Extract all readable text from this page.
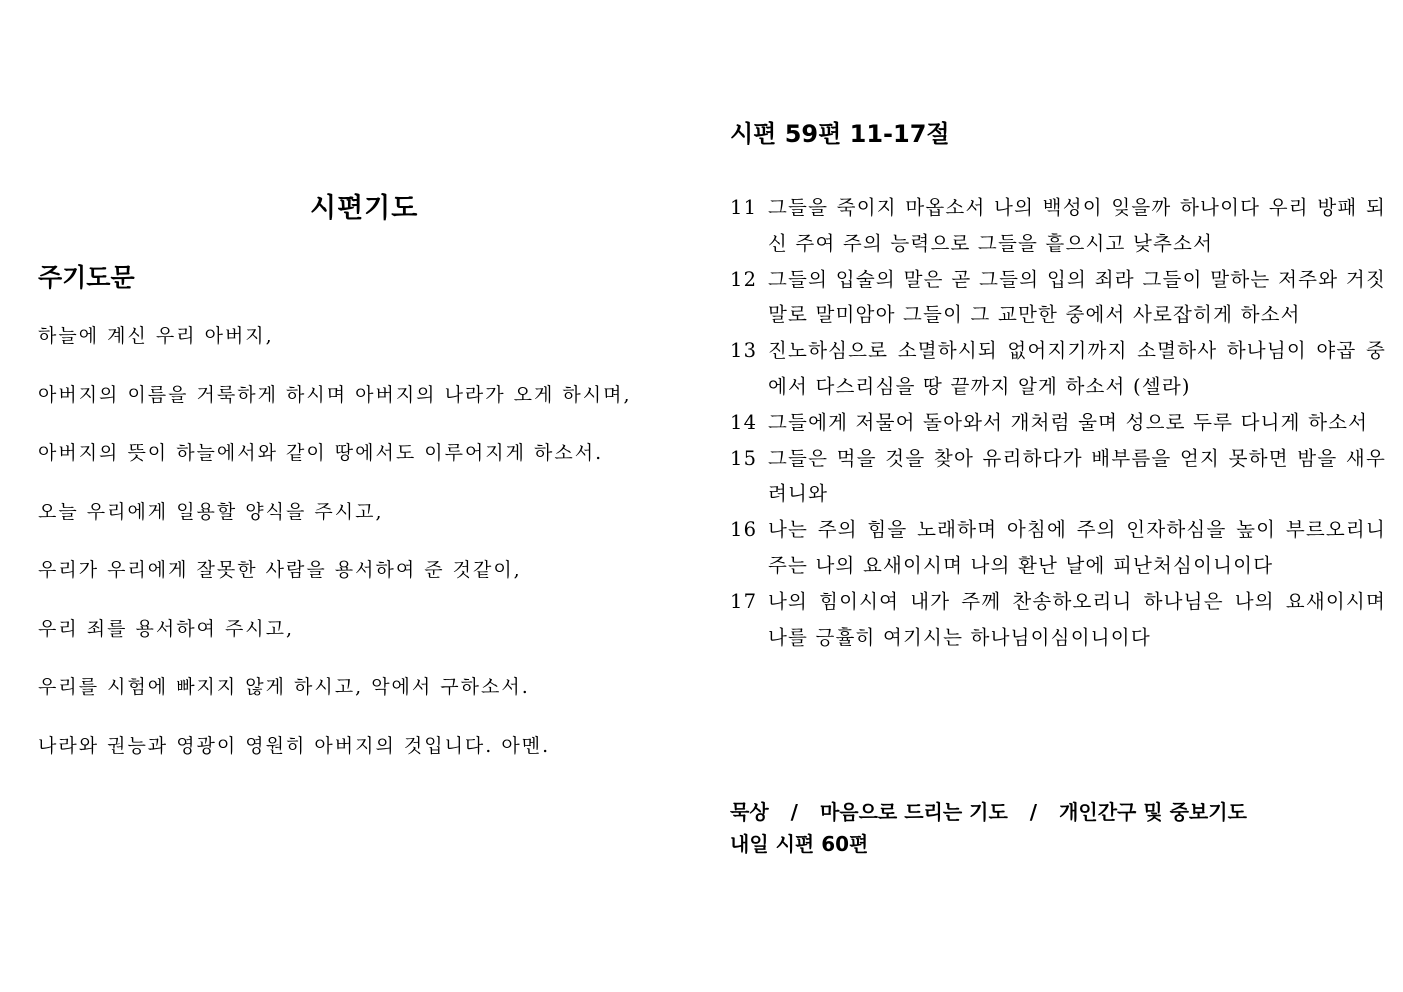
시편기도
주기도문
하늘에 계신 우리 아버지,
아버지의 이름을 거룩하게 하시며 아버지의 나라가 오게 하시며,
아버지의 뜻이 하늘에서와 같이 땅에서도 이루어지게 하소서.
오늘 우리에게 일용할 양식을 주시고,
우리가 우리에게 잘못한 사람을 용서하여 준 것같이,
우리 죄를 용서하여 주시고,
우리를 시험에 빠지지 않게 하시고, 악에서 구하소서.
나라와 권능과 영광이 영원히 아버지의 것입니다. 아멘.
시편 59편 11-17절
11 그들을 죽이지 마옵소서 나의 백성이 잊을까 하나이다 우리 방패 되신 주여 주의 능력으로 그들을 흩으시고 낮추소서
12 그들의 입술의 말은 곧 그들의 입의 죄라 그들이 말하는 저주와 거짓말로 말미암아 그들이 그 교만한 중에서 사로잡히게 하소서
13 진노하심으로 소멸하시되 없어지기까지 소멸하사 하나님이 야곱 중에서 다스리심을 땅 끝까지 알게 하소서 (셀라)
14 그들에게 저물어 돌아와서 개처럼 울며 성으로 두루 다니게 하소서
15 그들은 먹을 것을 찾아 유리하다가 배부름을 얻지 못하면 밤을 새우려니와
16 나는 주의 힘을 노래하며 아침에 주의 인자하심을 높이 부르오리니 주는 나의 요새이시며 나의 환난 날에 피난처심이니이다
17 나의 힘이시여 내가 주께 찬송하오리니 하나님은 나의 요새이시며 나를 긍휼히 여기시는 하나님이심이니이다
묵상 / 마음으로 드리는 기도 / 개인간구 및 중보기도
내일 시편 60편
